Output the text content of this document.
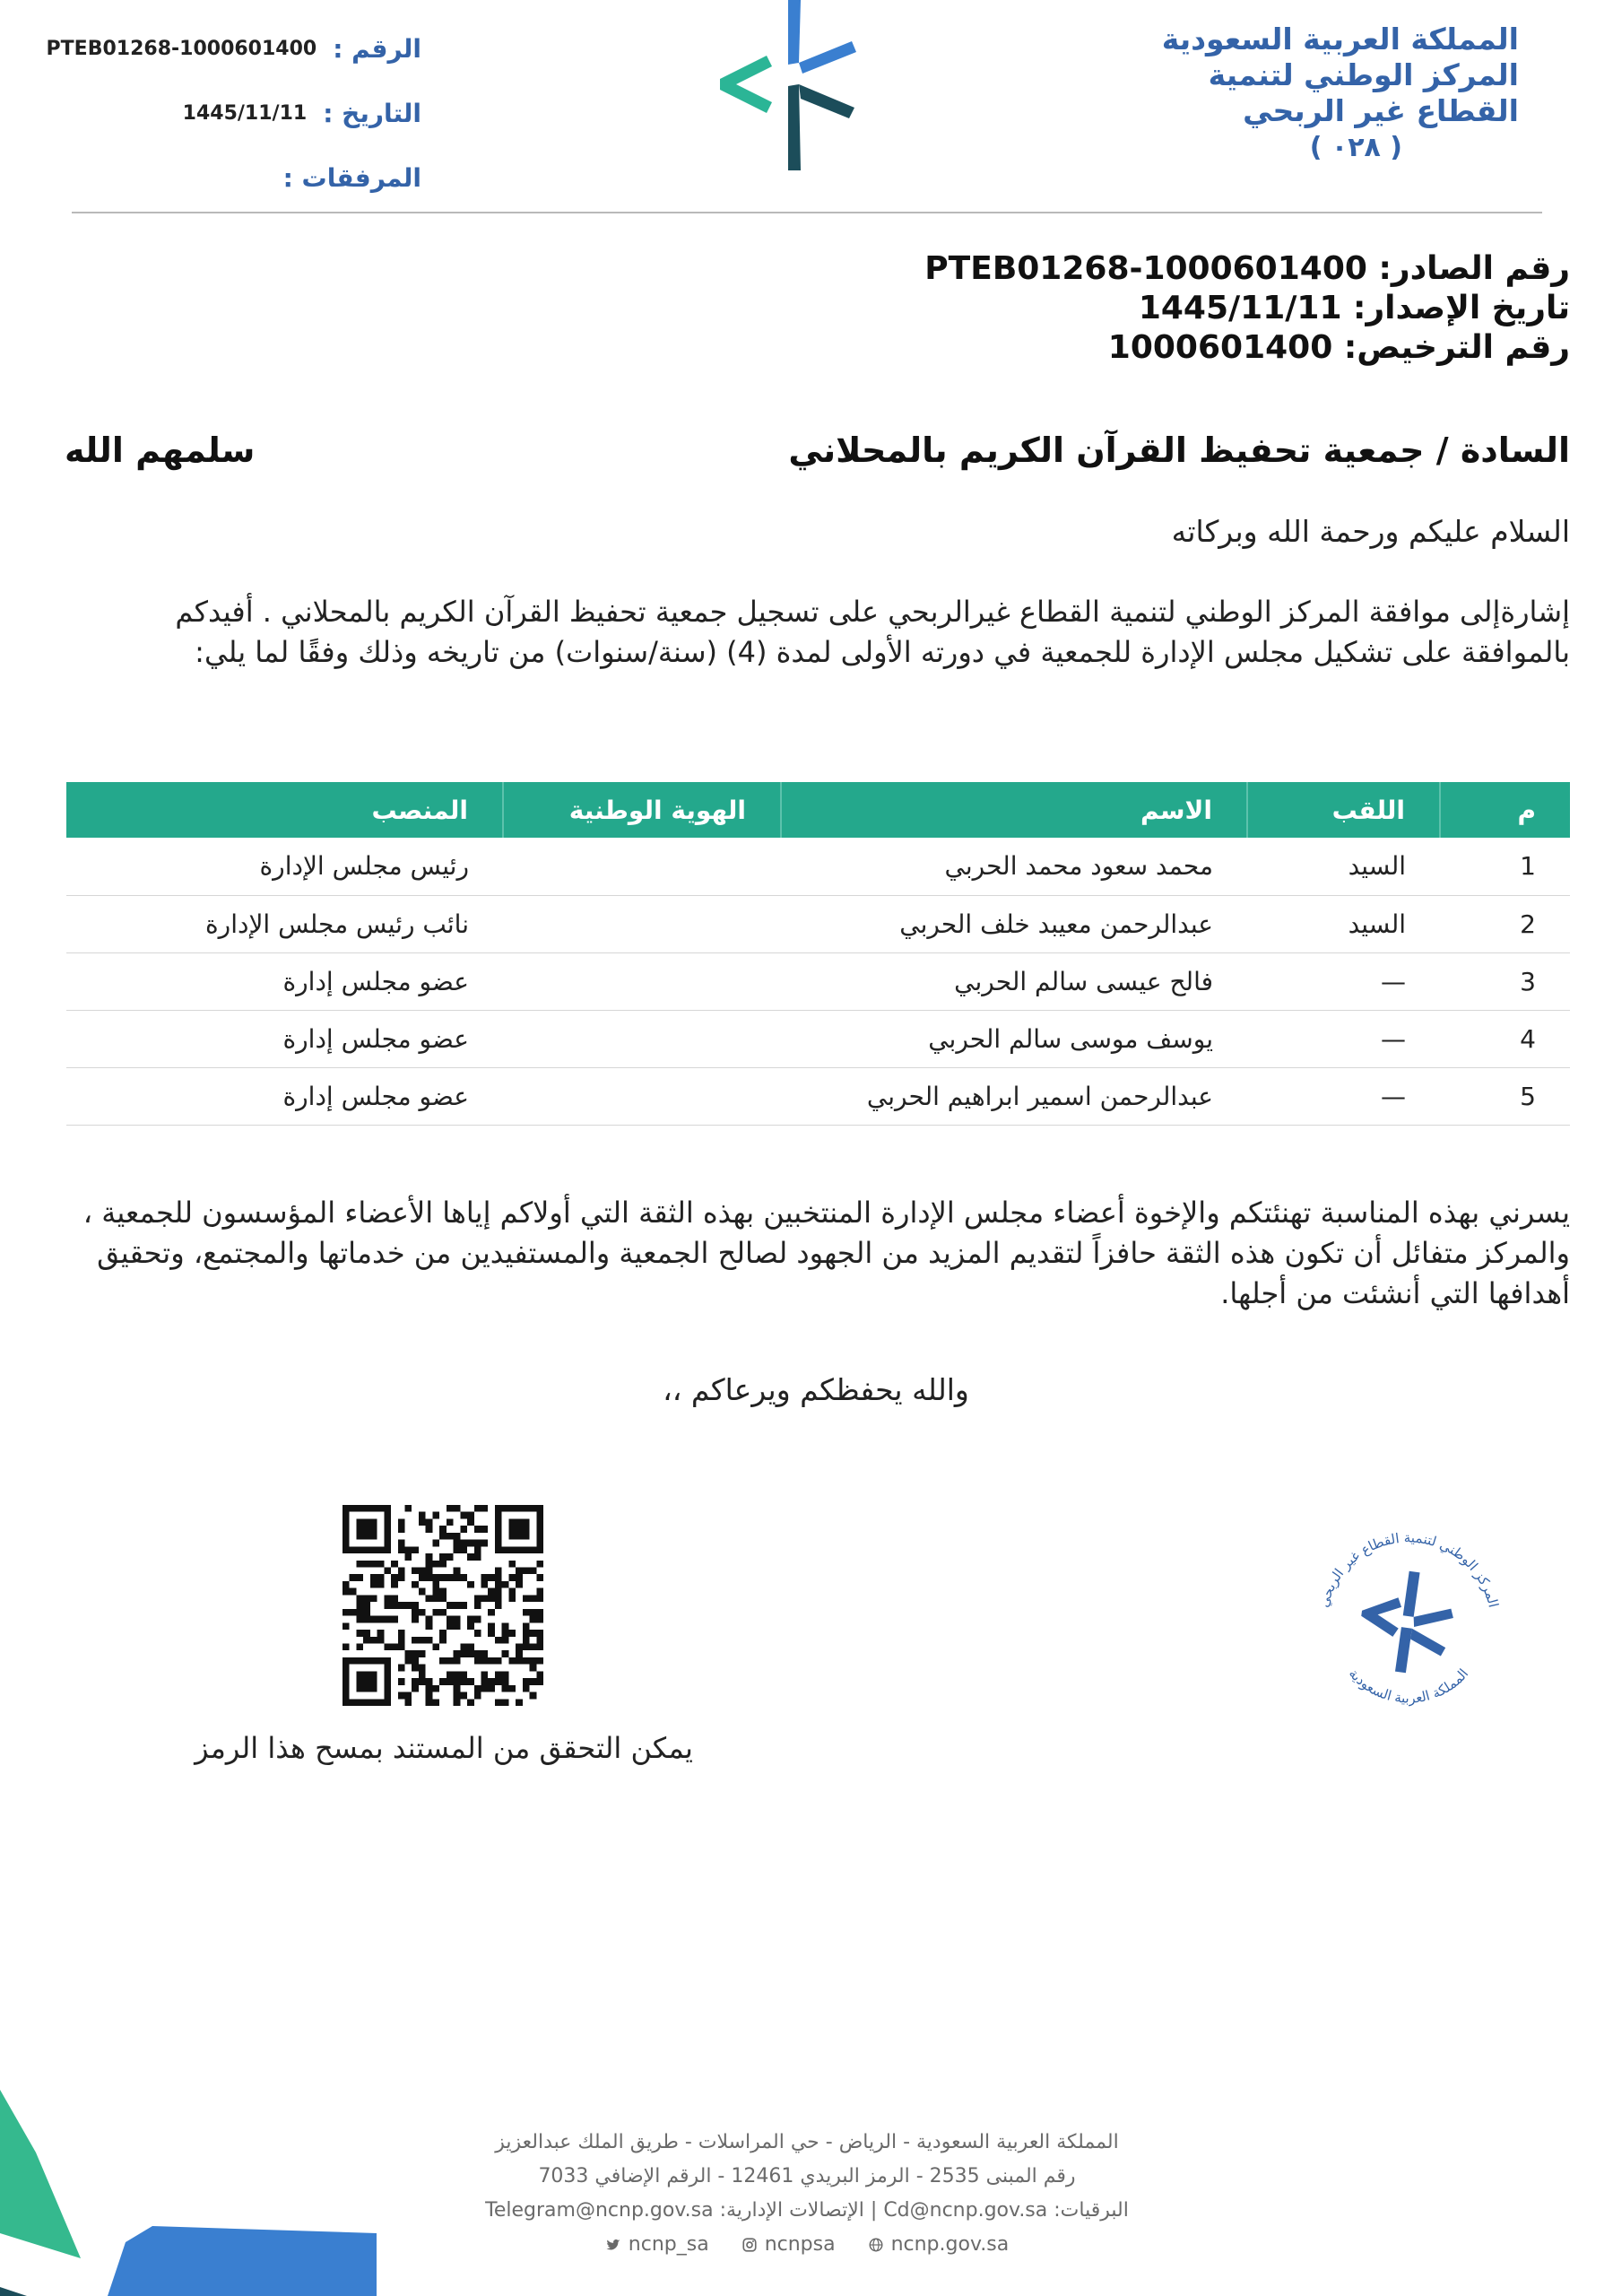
المملكة العربية السعودية
المركز الوطني لتنمية
القطاع غير الربحي
( ٠٢٨ )
الرقم :
PTEB01268-1000601400
التاريخ :
1445/11/11
المرفقات :
رقم الصادر: PTEB01268-1000601400
تاريخ الإصدار: 1445/11/11
رقم الترخيص: 1000601400
السادة / جمعية تحفيظ القرآن الكريم بالمحلاني
سلمهم الله
السلام عليكم ورحمة الله وبركاته

إشارةإلى موافقة المركز الوطني لتنمية القطاع غيرالربحي على تسجيل جمعية تحفيظ القرآن الكريم بالمحلاني . أفيدكم بالموافقة على تشكيل مجلس الإدارة للجمعية في دورته الأولى لمدة (4) (سنة/سنوات) من تاريخه وذلك وفقًا لما يلي:

م	اللقب	الاسم	الهوية الوطنية	المنصب
1	السيد	محمد سعود محمد الحربي		رئيس مجلس الإدارة
2	السيد	عبدالرحمن معيبد خلف الحربي		نائب رئيس مجلس الإدارة
3	—	فالح عيسى سالم الحربي		عضو مجلس إدارة
4	—	يوسف موسى سالم الحربي		عضو مجلس إدارة
5	—	عبدالرحمن اسمير ابراهيم الحربي		عضو مجلس إدارة

يسرني بهذه المناسبة تهنئتكم والإخوة أعضاء مجلس الإدارة المنتخبين بهذه الثقة التي أولاكم إياها الأعضاء المؤسسون للجمعية ، والمركز متفائل أن تكون هذه الثقة حافزاً لتقديم المزيد من الجهود لصالح الجمعية والمستفيدين من خدماتها والمجتمع، وتحقيق أهدافها التي أنشئت من أجلها.

والله يحفظكم ويرعاكم ،،
يمكن التحقق من المستند بمسح هذا الرمز
المركز الوطني لتنمية القطاع غير الربحي
المملكة العربية السعودية
المملكة العربية السعودية - الرياض - حي المراسلات - طريق الملك عبدالعزيز
رقم المبنى 2535 - الرمز البريدي 12461 - الرقم الإضافي 7033
البرقيات: Cd@ncnp.gov.sa | الإتصالات الإدارية: Telegram@ncnp.gov.sa
ncnp_sa	ncnpsa	ncnp.gov.sa
